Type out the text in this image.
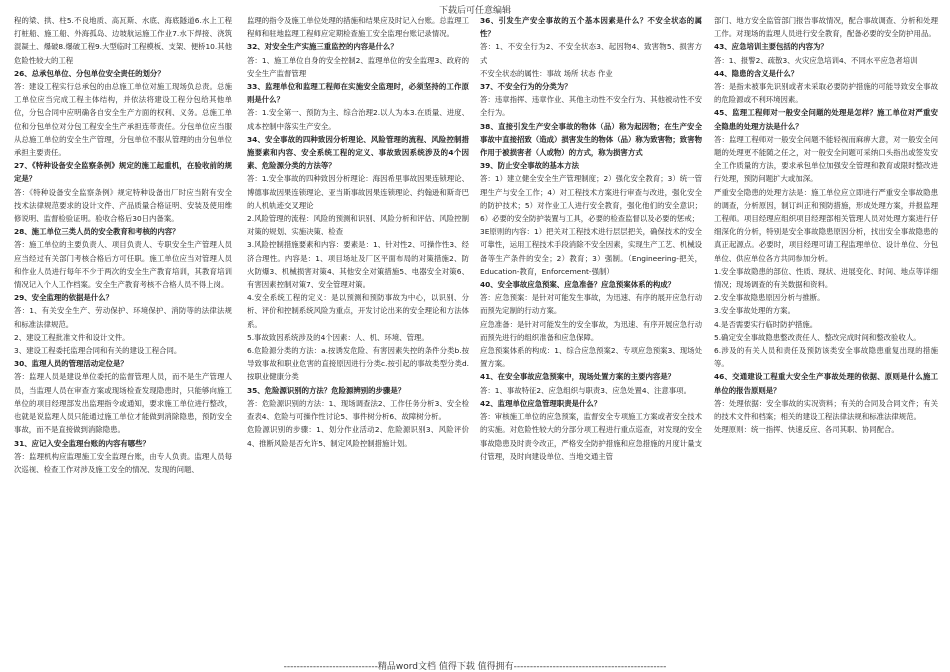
下载后可任意编辑

程的梁、拱、柱5.不良地质、高瓦斯、水底、海底隧道6.水上工程打桩船、施工船、外海孤岛、边坡航运施工作业7.水下焊接、浇筑混凝土、爆破8.爆破工程9.大型临时工程模板、支架、便桥10.其他危险性较大的工程

26、总承包单位、分包单位安全责任的划分？

答：建设工程实行总承包的由总施工单位对施工现场负总责。总施工单位应当完成工程主体结构，并依法将建设工程分包给其他单位，分包合同中应明确各自安全生产方面的权利、义务。总施工单位和分包单位对分包工程安全生产承担连带责任。分包单位应当服从总施工单位的安全生产管理，分包单位不服从管理的由分包单位承担主要责任。

27、《特种设备安全监察条例》规定的施工起重机，在验收前的规定是？

答：《特种设备安全监察条例》规定特种设备出厂时应当附有安全技术法律规范要求的设计文件、产品质量合格证明、安装及使用维修说明、监督检验证明。验收合格后30日内备案。

28、施工单位三类人员的安全教育和考核的内容？

答：施工单位的主要负责人、项目负责人、专职安全生产管理人员应当经过有关部门考核合格后方可任职。施工单位应当对管理人员和作业人员进行每年不少于两次的安全生产教育培训，其教育培训情况记入个人工作档案。安全生产教育考核不合格人员不得上岗。

29、安全监理的依据是什么？

答：1、有关安全生产、劳动保护、环境保护、消防等的法律法规和标准法律规范。

2、建设工程批准文件和设计文件。

3、建设工程委托监理合同和有关的建设工程合同。

30、监理人员的管理活动定位是？

答：监理人员是建设单位委托的监督管理人员，而不是生产管理人员，当监理人员在审查方案或现场检查发现隐患时，只能够向施工单位的项目经理部发出监理指令或通知，要求施工单位进行整改，也就是说监理人员只能通过施工单位才能做到消除隐患，预防安全事故，而不是直接做到消除隐患。

31、应记入安全监理台账的内容有哪些？

答：监理机构应监理施工安全监理台账，由专人负责。监理人员每次巡视、检查工作对涉及施工安全的情况、发现的问题、

监理的指令及施工单位处理的措施和结果应及时记入台账。总监理工程师和驻地监理工程师应定期检查施工安全监理台账记录情况。

32、对安全生产实施三重监控的内容是什么？

答：1、施工单位自身的安全控制2、监理单位的安全监理3、政府的安全生产监督管理

33、监理单位和监理工程师在实施安全监理时，必须坚持的工作原则是什么？

答：1.安全第一、预防为主、综合治理2.以人为本3.在质量、进度、成本控制中落实生产安全。

34、安全事故的四种致因分析理论、风险管理的流程、风险控制措施要素和内容、安全系统工程的定义、事故致因系统涉及的4个因素、危险源分类的方法等？

答：1.安全事故的四种致因分析理论：海因希里事故因果连锁理论、博德事故因果连锁理论、亚当斯事故因果连锁理论、约翰逊和斯奇巴的人机轨迹交叉理论

2.风险管理的流程：风险的预测和识别、风险分析和评估、风险控制对策的规划、实施决策、检查

3.风险控制措施要素和内容：要素是：1、针对性2、可操作性3、经济合理性。内容是：1、项目场址及厂区平面布局的对策措施2、防火防爆3、机械损害对策4、其他安全对策措施5、电器安全对策6、有害因素控制对策7、安全管理对策。

4.安全系统工程的定义：是以预测和预防事故为中心，以识别、分析、评价和控制系统风险为重点，开发讨论出来的安全理论和方法体系。

5.事故致因系统涉及的4个因素：人、机、环境、管理。

6.危险源分类的方法：a.按诱发危险、有害因素失控的条件分类b.按导致事故和职业危害的直接原因进行分类c.按引起的事故类型分类d.按职业健康分类

35、危险源识别的方法？危险源辨别的步骤是？

答：危险源识别的方法：1、现场调查法2、工作任务分析3、安全检查表4、危险与可操作性讨论5、事件树分析6、故障树分析。

危险源识别的步骤：1、划分作业活动2、危险源识别3、风险评价4、推断风险是否允许5、制定风险控制措施计划。

36、引发生产安全事故的五个基本因素是什么？不安全状态的属性？

答：1、不安全行为2、不安全状态3、起因物4、致害物5、损害方式

不安全状态的属性：事故 场所 状态 作业

37、不安全行为的分类为？

答：违章指挥、违章作业、其他主动性不安全行为、其他被动性不安全行为。

38、直接引发生产安全事故的物体（品）称为起因物；在生产安全事故中直接招致（造成）损害发生的物体（品）称为致害物；致害物作用于被损害者（人或物）的方式，称为损害方式

39、防止安全事故的基本方法

答：1）建立健全安全生产管理制度；2）强化安全教育；3）统一管理生产与安全工作；4）对工程技术方案进行审查与改进，强化安全的防护技术；5）对作业工人进行安全教育，强化他们的安全意识；6）必要的安全防护装置与工具，必要的检查监督以及必要的惩戒；

3E原则的内容：1）把关对工程技术进行层层把关，确保技术的安全可靠性，运用工程技术手段消除不安全因素，实现生产工艺、机械设备等生产条件的安全；2）教育；3）强制。（Engineering-把关，Education-教育，Enforcement-强制）

40、安全事故应急预案、应急准备？应急预案体系的构成？

答：应急预案：是针对可能发生事故，为迅速、有序的展开应急行动而预先定制的行动方案。

应急准备：是针对可能发生的安全事故，为迅速、有序开展应急行动而预先进行的组织准备和应急保障。

应急预案体系的构成：1、综合应急预案2、专项应急预案3、现场处置方案。

41、在安全事故应急预案中，现场处置方案的主要内容是？

答：1、事故特征2、应急组织与职责3、应急处置4、注意事项。

42、监理单位应急管理职责是什么？

答：审核施工单位的应急预案，监督安全专项施工方案或者安全技术的实施。对危险性较大的分部分项工程进行重点巡查，对发现的安全事故隐患及时责令改正，严格安全防护措施和应急措施的月度计量支付管理，及时向建设单位、当地交通主管

部门、地方安全监管部门报告事故情况，配合事故调查、分析和处理工作。对现场的监理人员进行安全教育，配备必要的安全防护用品。

43、应急培训主要包括的内容为？

答：1、报警2、疏散3、火灾应急培训4、不同水平应急者培训

44、隐患的含义是什么？

答：是指未被事先识别或者未采取必要防护措施的可能导致安全事故的危险源或不利环境因素。

45、监理工程师对一般安全问题的处理是怎样？施工单位对严重安全隐患的处理方法是什么？

答：监理工程师对一般安全问题不能轻视而麻痹大意，对一般安全问题的处理更不能随之任之，对一般安全问题可采纳口头指出或签发安全工作质量的方法，要求承包单位加强安全管理和教育或限时整改进行处理，预防问题扩大或加深。

严重安全隐患的处理方法是：施工单位应立即进行严重安全事故隐患的调查，分析原因，制订纠正和预防措施，形成处理方案，并报监理工程师。项目经理应组织项目经理部相关管理人员对处理方案进行仔细深化的分析，特别是安全事故隐患原因分析，找出安全事故隐患的真正起源点。必要时，项目经理可请工程监理单位、设计单位、分包单位、供应单位各方共同参加分析。

1.安全事故隐患的部位、性质、现状、进展变化、时间、地点等详细情况；现场调查的有关数据和资料。

2.安全事故隐患原因分析与推断。

3.安全事故处理的方案。

4.是否需要实行临时防护措施。

5.确定安全事故隐患整改责任人、整改完成时间和整改验收人。

6.涉及的有关人员和责任及预防该类安全事故隐患重复出现的措施等。

46、交通建设工程重大安全生产事故处理的依据、原则是什么施工单位的报告原则是？

答：处理依据：安全事故的实况资料；有关的合同及合同文件；有关的技术文件和档案；相关的建设工程法律法规和标准法律规范。

处理原则：统一指挥、快速反应、各司其职、协同配合。

-----------------------------精品word文档 值得下载 值得拥有-----------------------------------------------
